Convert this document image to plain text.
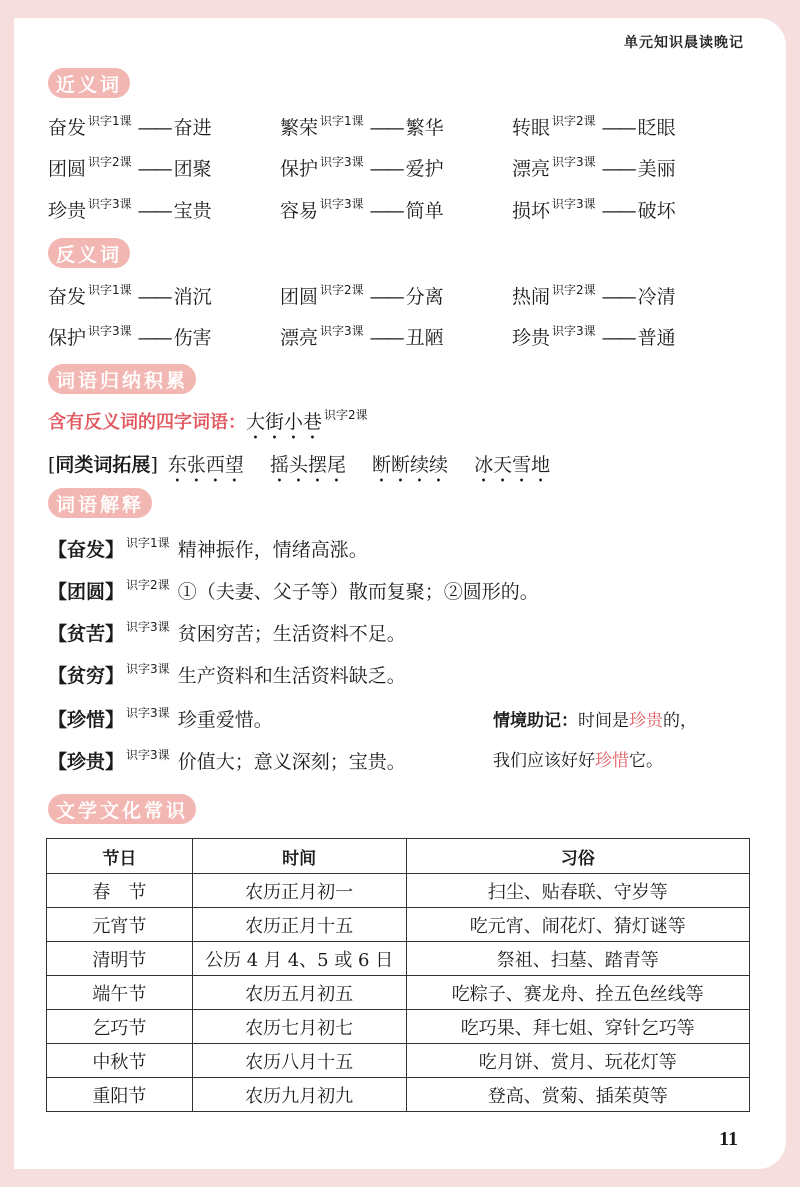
单元知识晨读晚记
近义词
奋发 $^{识字1课}$ —— 奋进	繁荣 $^{识字1课}$ —— 繁华	转眼 $^{识字2课}$ —— 眨眼
团圆 $^{识字2课}$ —— 团聚	保护 $^{识字3课}$ —— 爱护	漂亮 $^{识字3课}$ —— 美丽
珍贵 $^{识字3课}$ —— 宝贵	容易 $^{识字3课}$ —— 简单	损坏 $^{识字3课}$ —— 破坏
反义词
奋发 $^{识字1课}$ —— 消沉	团圆 $^{识字2课}$ —— 分离	热闹 $^{识字2课}$ —— 冷清
保护 $^{识字3课}$ —— 伤害	漂亮 $^{识字3课}$ —— 丑陋	珍贵 $^{识字3课}$ —— 普通
词语归纳积累
含有反义词的四字词语：大街小巷 $^{识字2课}$
[同类词拓展] 东张西望 摇头摆尾 断断续续 冰天雪地
词语解释
【奋发】 $^{识字1课}$ 精神振作，情绪高涨。
【团圆】 $^{识字2课}$ ①（夫妻、父子等）散而复聚；②圆形的。
【贫苦】 $^{识字3课}$ 贫困穷苦；生活资料不足。
【贫穷】 $^{识字3课}$ 生产资料和生活资料缺乏。
【珍惜】 $^{识字3课}$ 珍重爱惜。
【珍贵】 $^{识字3课}$ 价值大；意义深刻；宝贵。
情境助记：时间是珍贵的，
我们应该好好珍惜它。
文学文化常识
节日	时间	习俗
春　节	农历正月初一	扫尘、贴春联、守岁等
元宵节	农历正月十五	吃元宵、闹花灯、猜灯谜等
清明节	公历 4 月 4、5 或 6 日	祭祖、扫墓、踏青等
端午节	农历五月初五	吃粽子、赛龙舟、拴五色丝线等
乞巧节	农历七月初七	吃巧果、拜七姐、穿针乞巧等
中秋节	农历八月十五	吃月饼、赏月、玩花灯等
重阳节	农历九月初九	登高、赏菊、插茱萸等
11
